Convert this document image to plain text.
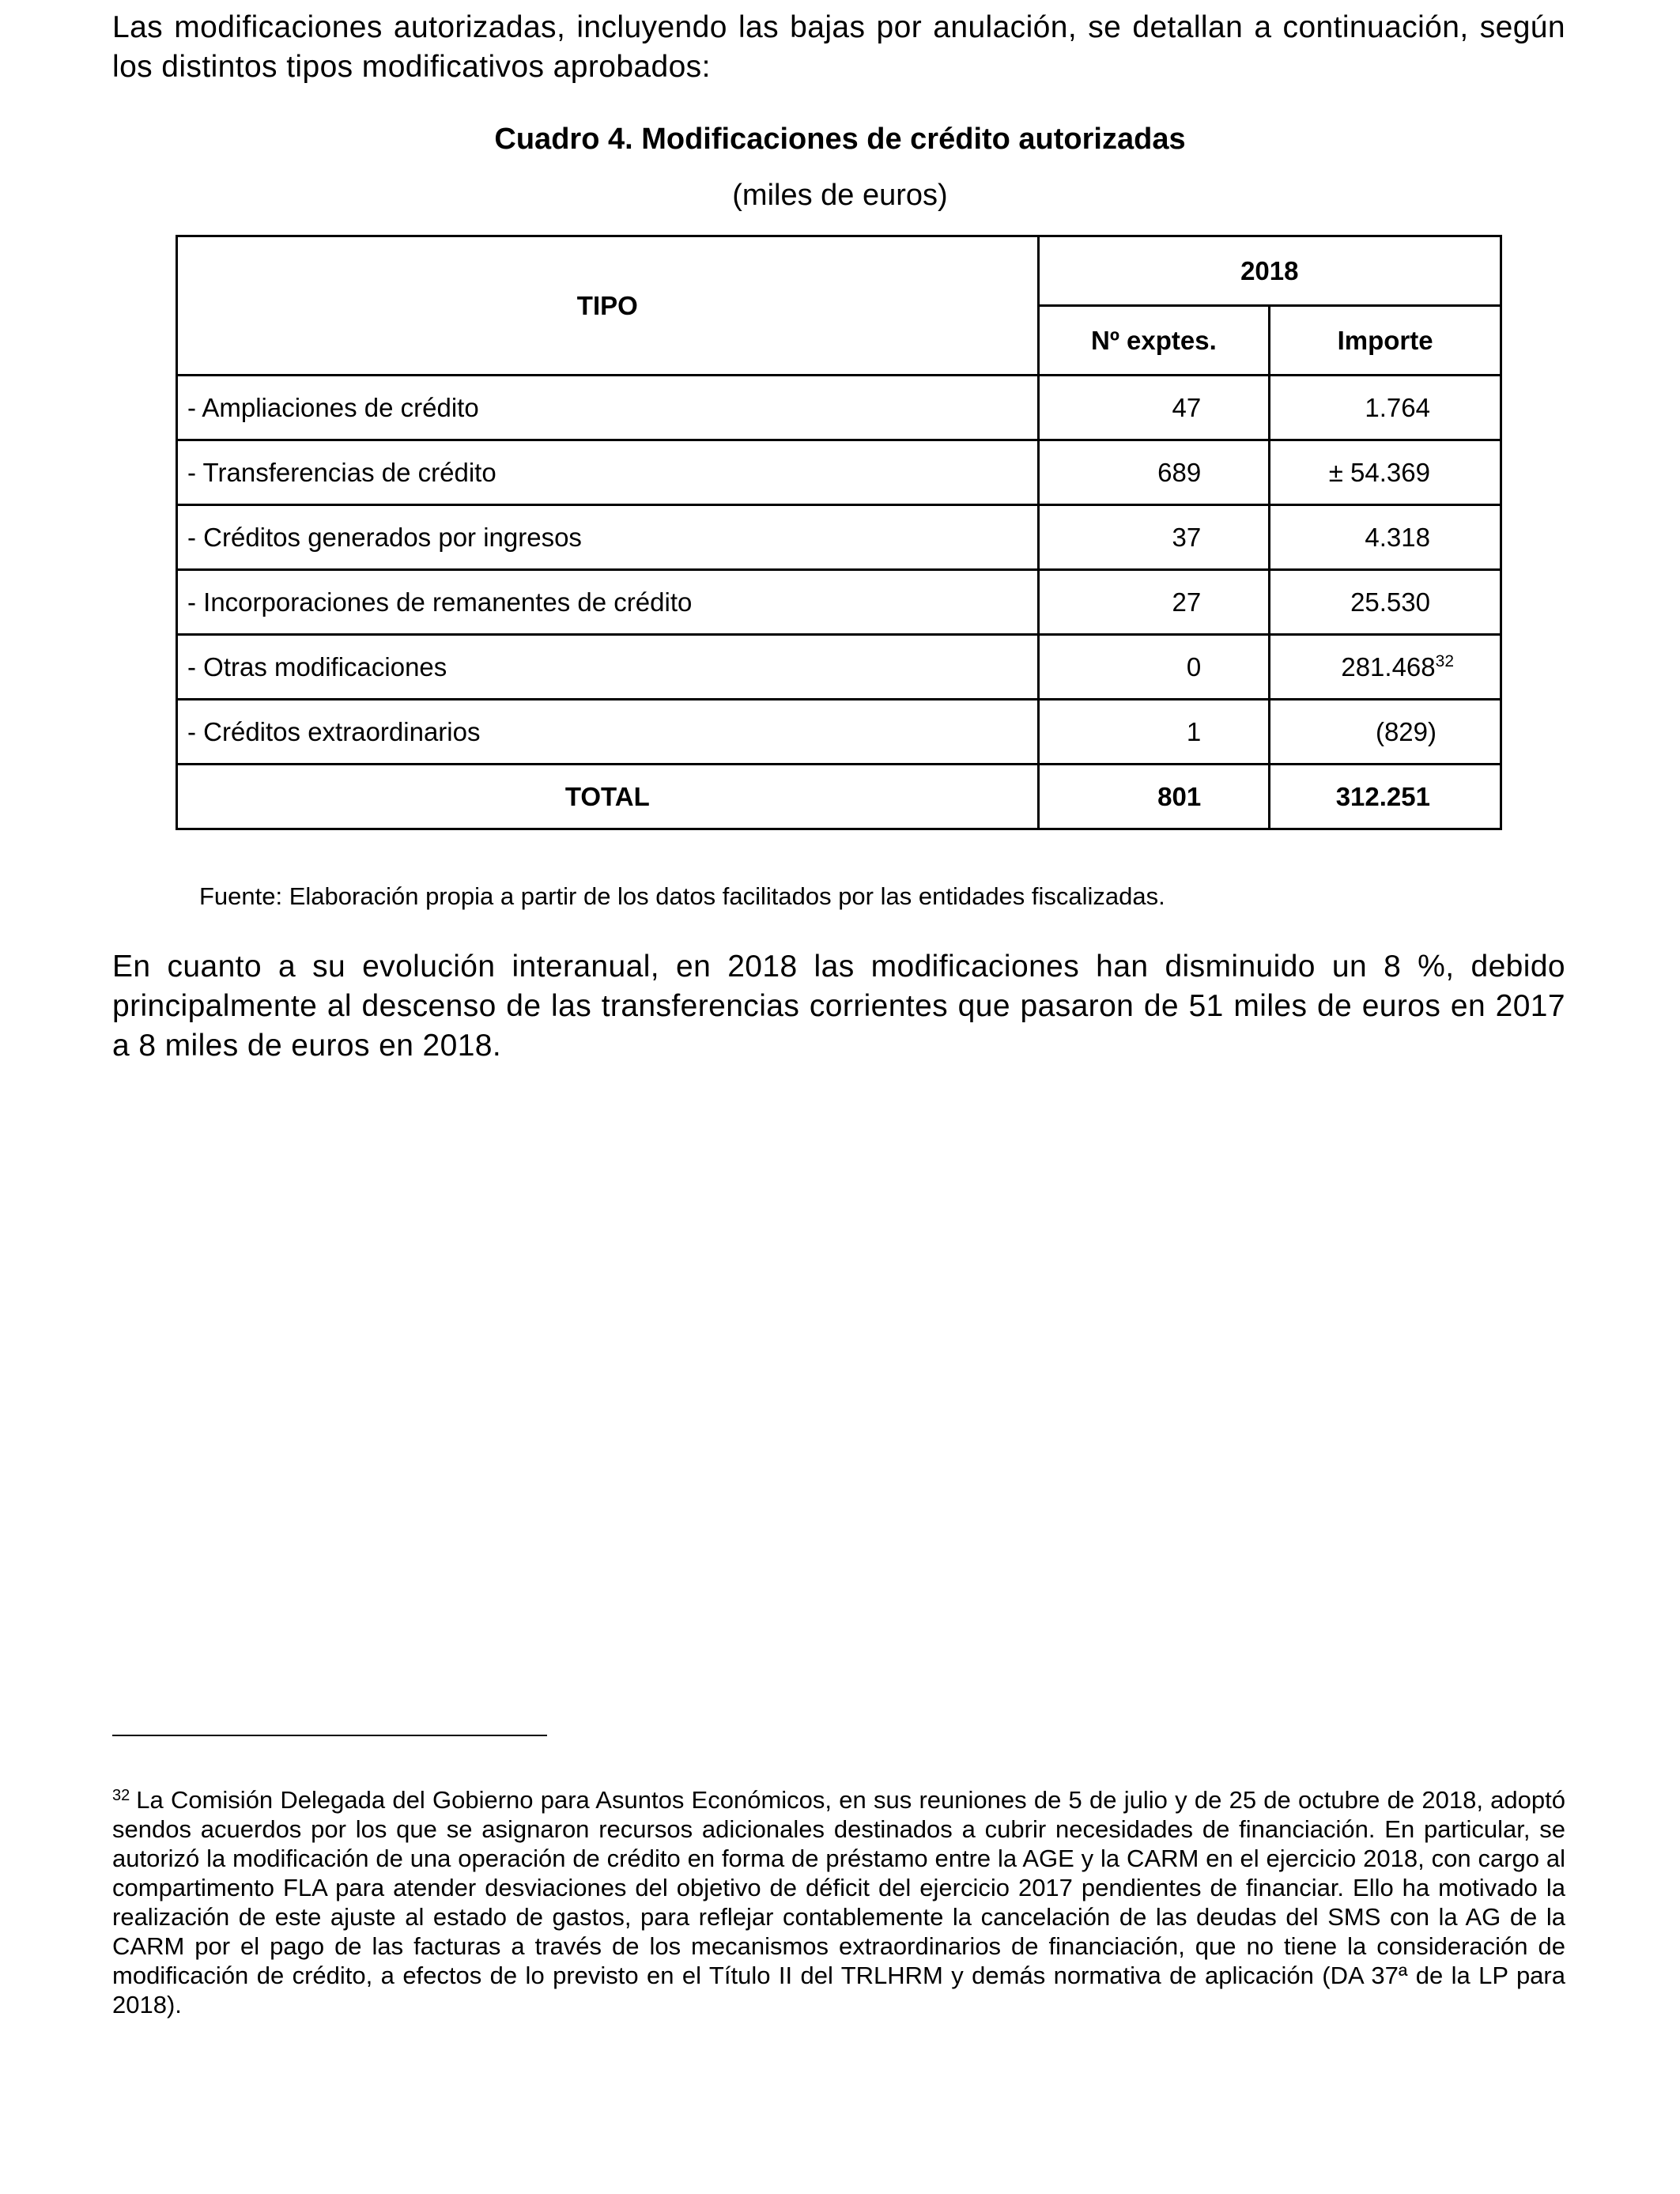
Las modificaciones autorizadas, incluyendo las bajas por anulación, se detallan a continuación, según los distintos tipos modificativos aprobados:

Cuadro 4. Modificaciones de crédito autorizadas
(miles de euros)
TIPO	2018	
	Nº exptes.	Importe
- Ampliaciones de crédito	47	1.764
- Transferencias de crédito	689	± 54.369
- Créditos generados por ingresos	37	4.318
- Incorporaciones de remanentes de crédito	27	25.530
- Otras modificaciones	0	281.468$^{32}$
- Créditos extraordinarios	1	(829)
TOTAL	801	312.251
Fuente: Elaboración propia a partir de los datos facilitados por las entidades fiscalizadas.

En cuanto a su evolución interanual, en 2018 las modificaciones han disminuido un 8 %, debido principalmente al descenso de las transferencias corrientes que pasaron de 51 miles de euros en 2017 a 8 miles de euros en 2018.

$^{32}$ La Comisión Delegada del Gobierno para Asuntos Económicos, en sus reuniones de 5 de julio y de 25 de octubre de 2018, adoptó sendos acuerdos por los que se asignaron recursos adicionales destinados a cubrir necesidades de financiación. En particular, se autorizó la modificación de una operación de crédito en forma de préstamo entre la AGE y la CARM en el ejercicio 2018, con cargo al compartimento FLA para atender desviaciones del objetivo de déficit del ejercicio 2017 pendientes de financiar. Ello ha motivado la realización de este ajuste al estado de gastos, para reflejar contablemente la cancelación de las deudas del SMS con la AG de la CARM por el pago de las facturas a través de los mecanismos extraordinarios de financiación, que no tiene la consideración de modificación de crédito, a efectos de lo previsto en el Título II del TRLHRM y demás normativa de aplicación (DA 37ª de la LP para 2018).
